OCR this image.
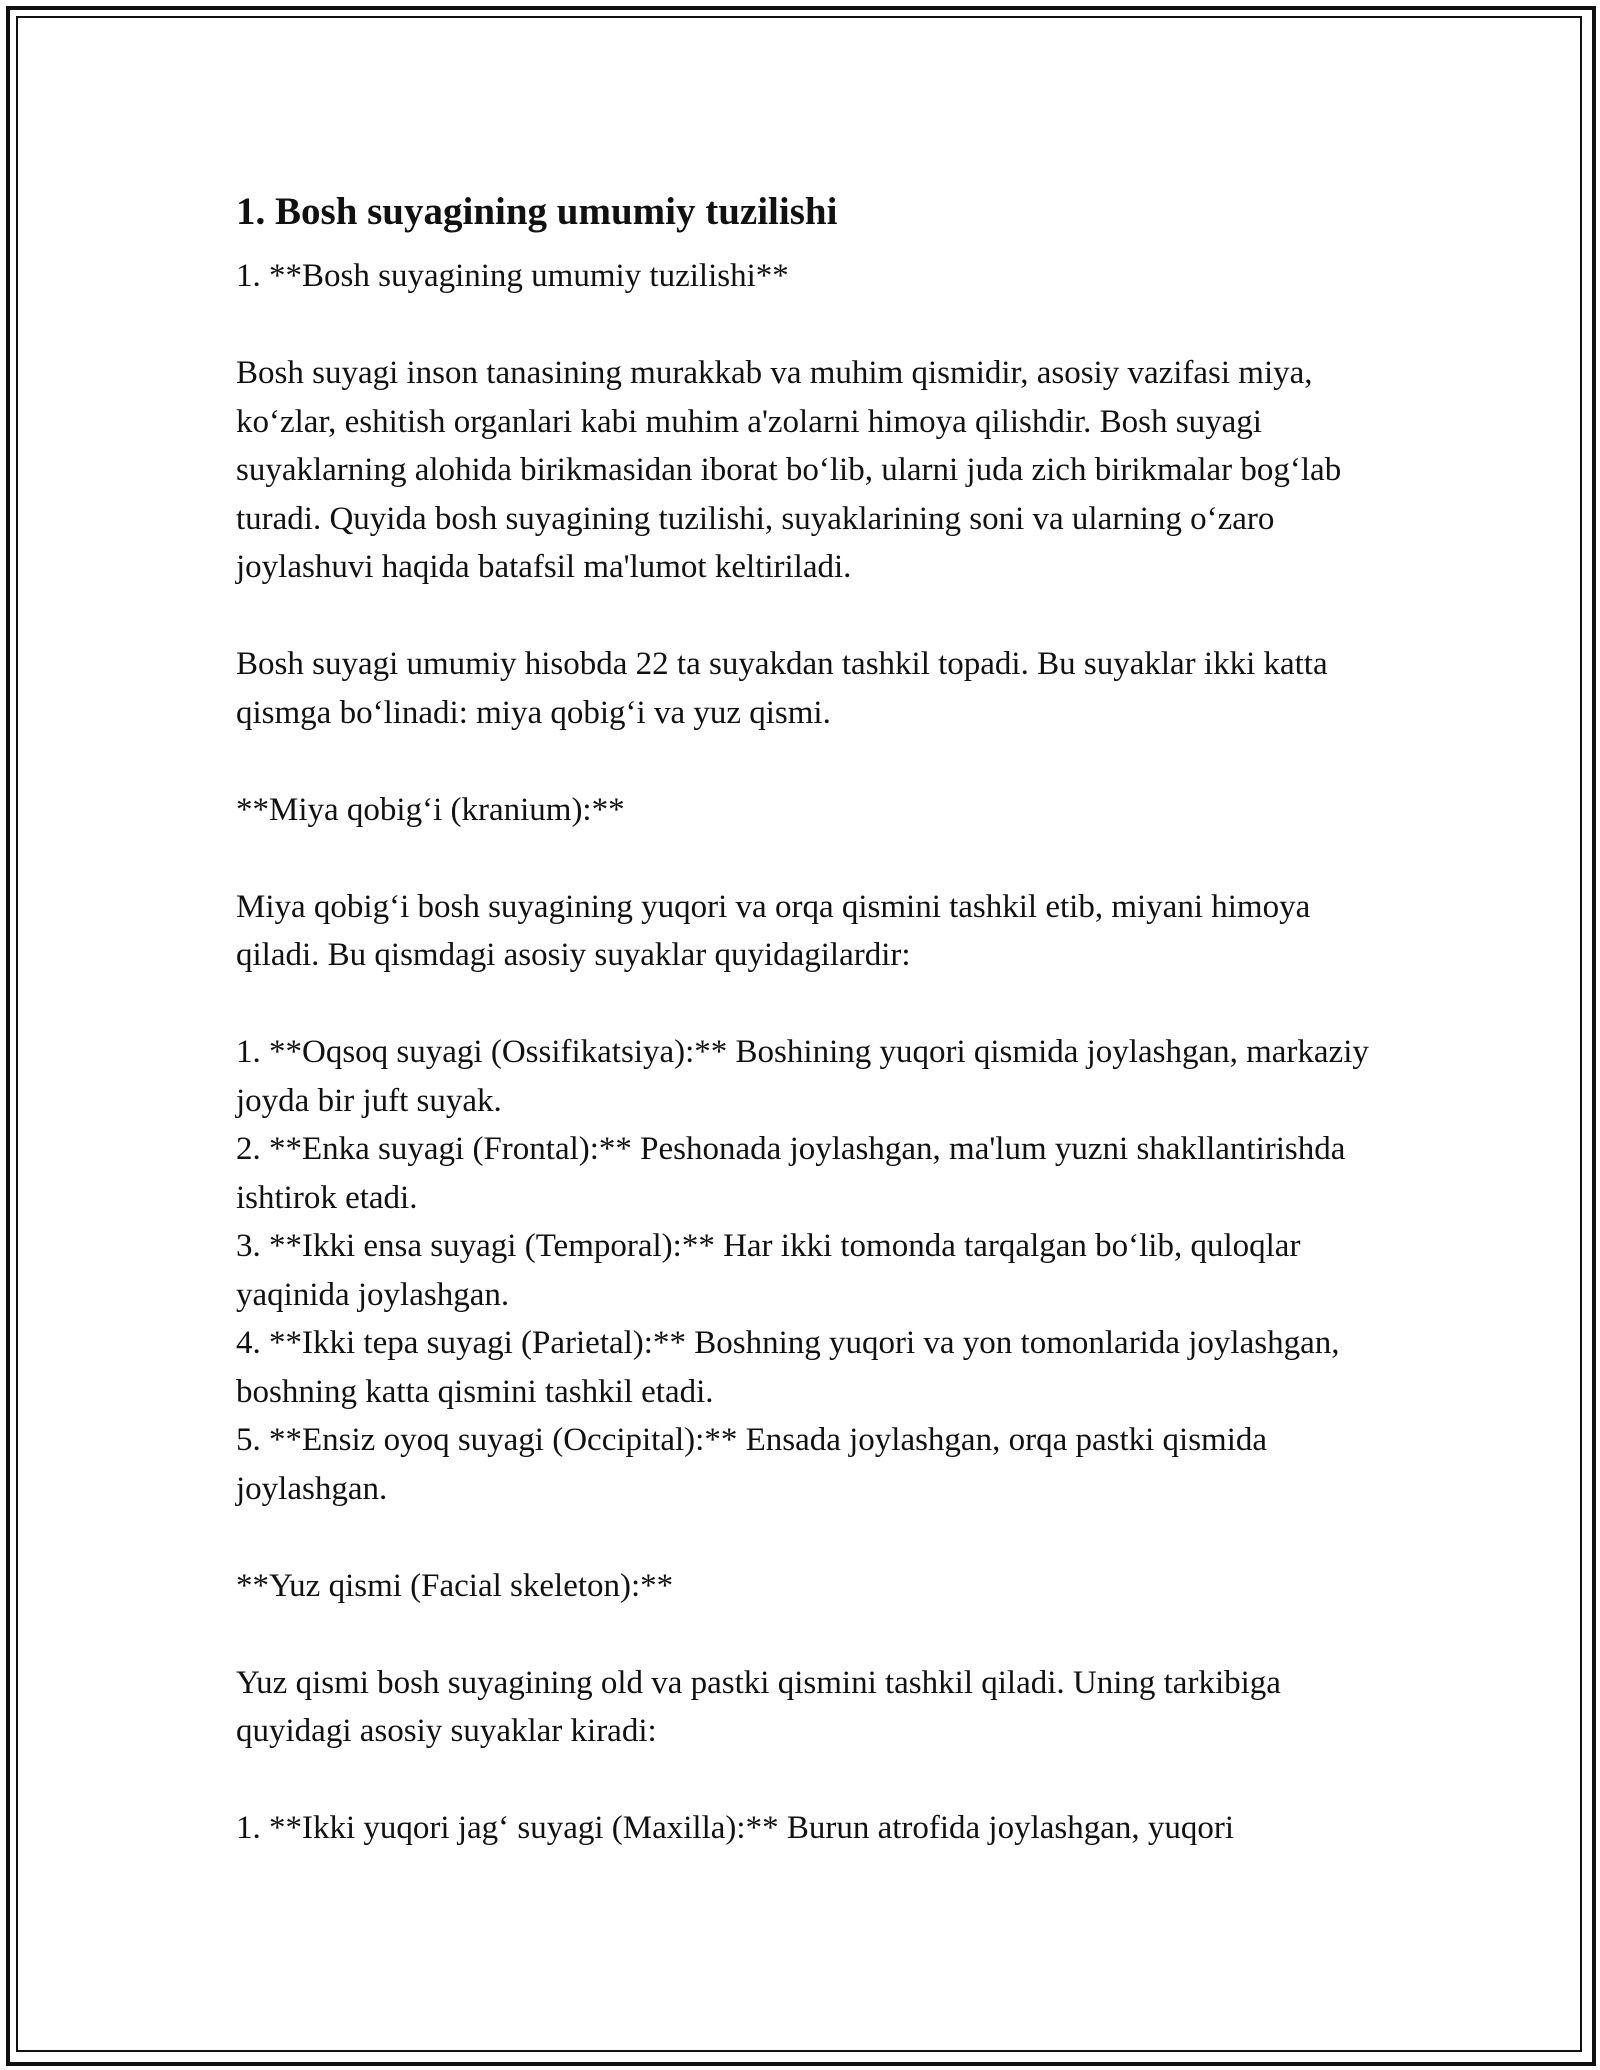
1. Bosh suyagining umumiy tuzilishi

1. **Bosh suyagining umumiy tuzilishi**

Bosh suyagi inson tanasining murakkab va muhim qismidir, asosiy vazifasi miya, ko‘zlar, eshitish organlari kabi muhim a'zolarni himoya qilishdir. Bosh suyagi suyaklarning alohida birikmasidan iborat bo‘lib, ularni juda zich birikmalar bog‘lab turadi. Quyida bosh suyagining tuzilishi, suyaklarining soni va ularning o‘zaro joylashuvi haqida batafsil ma'lumot keltiriladi.

Bosh suyagi umumiy hisobda 22 ta suyakdan tashkil topadi. Bu suyaklar ikki katta qismga bo‘linadi: miya qobig‘i va yuz qismi.

**Miya qobig‘i (kranium):**

Miya qobig‘i bosh suyagining yuqori va orqa qismini tashkil etib, miyani himoya qiladi. Bu qismdagi asosiy suyaklar quyidagilardir:

1. **Oqsoq suyagi (Ossifikatsiya):** Boshining yuqori qismida joylashgan, markaziy joyda bir juft suyak.
2. **Enka suyagi (Frontal):** Peshonada joylashgan, ma'lum yuzni shakllantirishda ishtirok etadi.
3. **Ikki ensa suyagi (Temporal):** Har ikki tomonda tarqalgan bo‘lib, quloqlar yaqinida joylashgan.
4. **Ikki tepa suyagi (Parietal):** Boshning yuqori va yon tomonlarida joylashgan, boshning katta qismini tashkil etadi.
5. **Ensiz oyoq suyagi (Occipital):** Ensada joylashgan, orqa pastki qismida joylashgan.

**Yuz qismi (Facial skeleton):**

Yuz qismi bosh suyagining old va pastki qismini tashkil qiladi. Uning tarkibiga quyidagi asosiy suyaklar kiradi:

1. **Ikki yuqori jag‘ suyagi (Maxilla):** Burun atrofida joylashgan, yuqori
